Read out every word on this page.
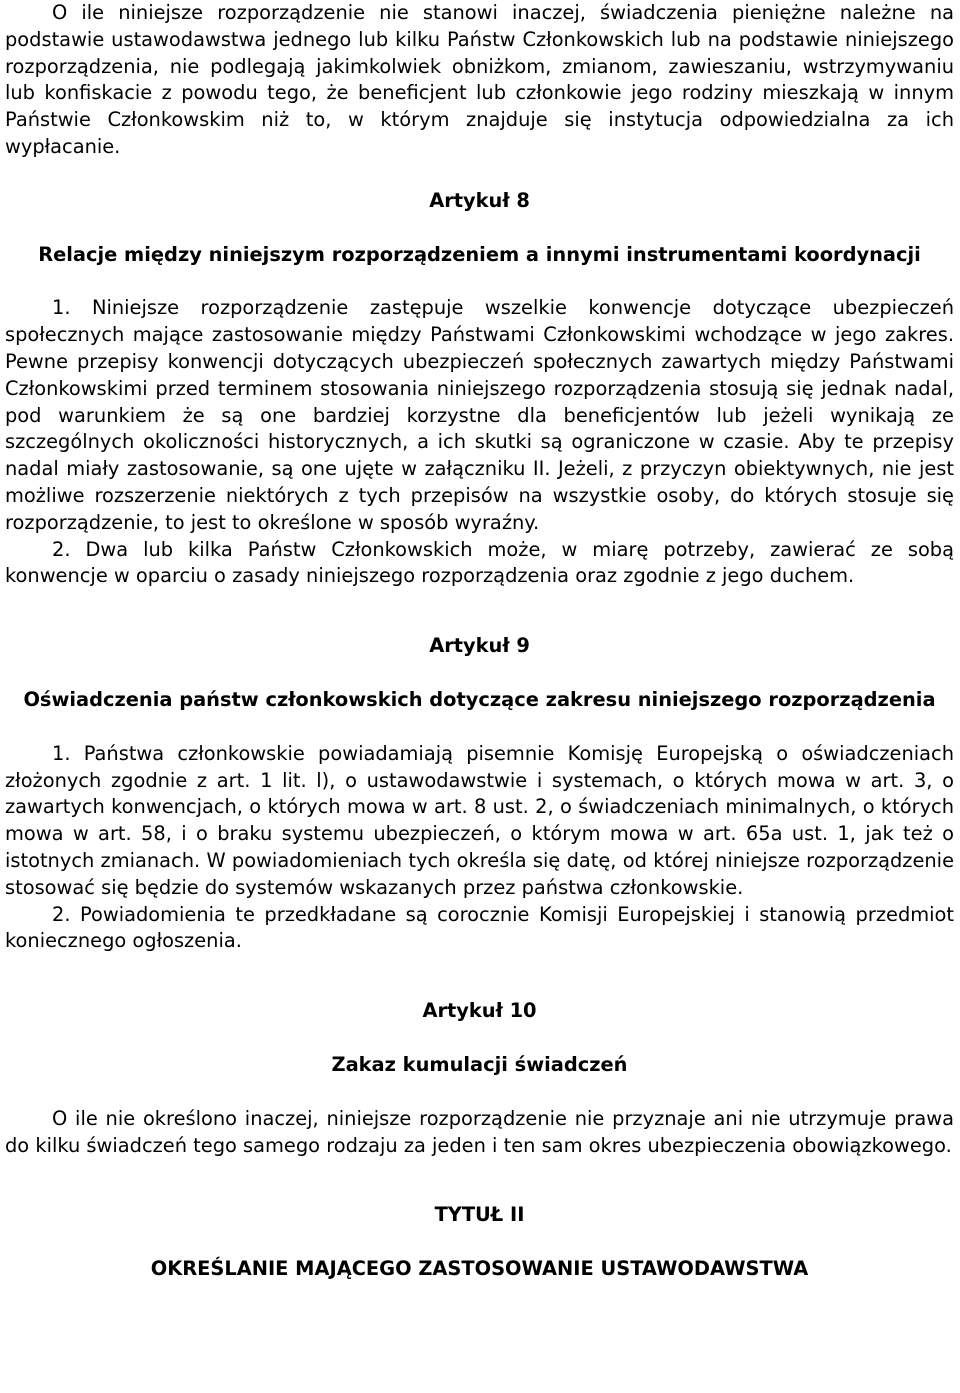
O ile niniejsze rozporządzenie nie stanowi inaczej, świadczenia pieniężne należne na podstawie ustawodawstwa jednego lub kilku Państw Członkowskich lub na podstawie niniejszego rozporządzenia, nie podlegają jakimkolwiek obniżkom, zmianom, zawieszaniu, wstrzymywaniu lub konfiskacie z powodu tego, że beneficjent lub członkowie jego rodziny mieszkają w innym Państwie Członkowskim niż to, w którym znajduje się instytucja odpowiedzialna za ich wypłacanie.

Artykuł 8
Relacje między niniejszym rozporządzeniem a innymi instrumentami koordynacji

1. Niniejsze rozporządzenie zastępuje wszelkie konwencje dotyczące ubezpieczeń społecznych mające zastosowanie między Państwami Członkowskimi wchodzące w jego zakres. Pewne przepisy konwencji dotyczących ubezpieczeń społecznych zawartych między Państwami Członkowskimi przed terminem stosowania niniejszego rozporządzenia stosują się jednak nadal, pod warunkiem że są one bardziej korzystne dla beneficjentów lub jeżeli wynikają ze szczególnych okoliczności historycznych, a ich skutki są ograniczone w czasie. Aby te przepisy nadal miały zastosowanie, są one ujęte w załączniku II. Jeżeli, z przyczyn obiektywnych, nie jest możliwe rozszerzenie niektórych z tych przepisów na wszystkie osoby, do których stosuje się rozporządzenie, to jest to określone w sposób wyraźny.

2. Dwa lub kilka Państw Członkowskich może, w miarę potrzeby, zawierać ze sobą konwencje w oparciu o zasady niniejszego rozporządzenia oraz zgodnie z jego duchem.

Artykuł 9
Oświadczenia państw członkowskich dotyczące zakresu niniejszego rozporządzenia

1. Państwa członkowskie powiadamiają pisemnie Komisję Europejską o oświadczeniach złożonych zgodnie z art. 1 lit. l), o ustawodawstwie i systemach, o których mowa w art. 3, o zawartych konwencjach, o których mowa w art. 8 ust. 2, o świadczeniach minimalnych, o których mowa w art. 58, i o braku systemu ubezpieczeń, o którym mowa w art. 65a ust. 1, jak też o istotnych zmianach. W powiadomieniach tych określa się datę, od której niniejsze rozporządzenie stosować się będzie do systemów wskazanych przez państwa członkowskie.

2. Powiadomienia te przedkładane są corocznie Komisji Europejskiej i stanowią przedmiot koniecznego ogłoszenia.

Artykuł 10
Zakaz kumulacji świadczeń

O ile nie określono inaczej, niniejsze rozporządzenie nie przyznaje ani nie utrzymuje prawa do kilku świadczeń tego samego rodzaju za jeden i ten sam okres ubezpieczenia obowiązkowego.

TYTUŁ II
OKREŚLANIE MAJĄCEGO ZASTOSOWANIE USTAWODAWSTWA
